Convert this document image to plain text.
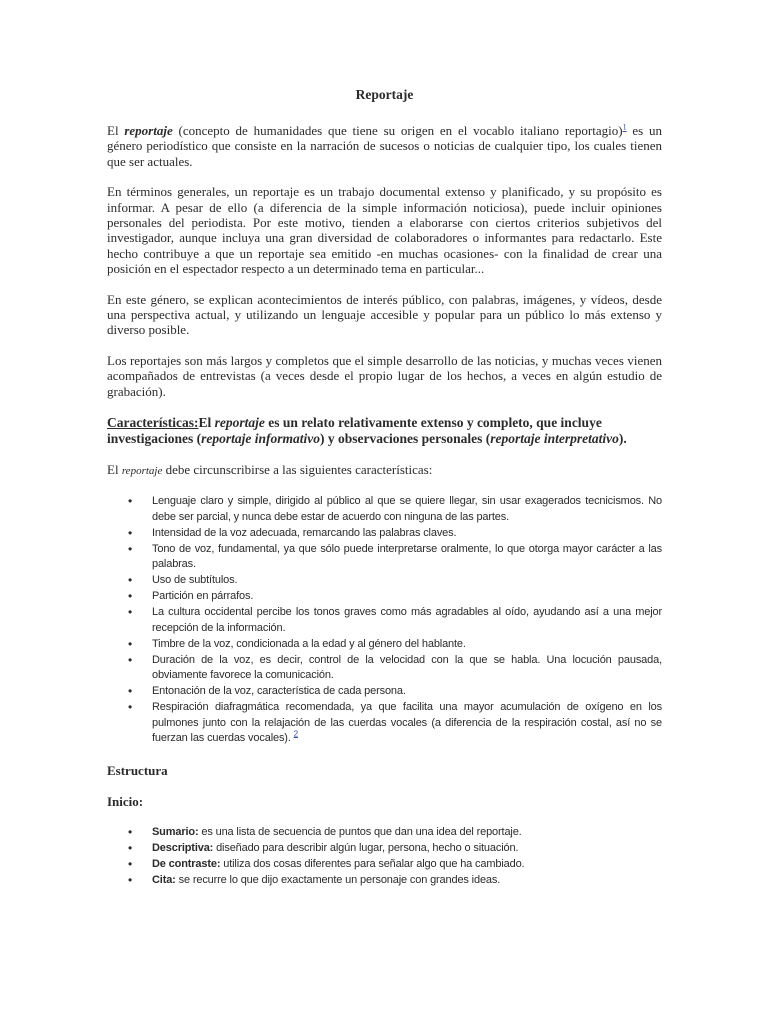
Reportaje

El reportaje (concepto de humanidades que tiene su origen en el vocablo italiano reportagio)$^1$ es un género periodístico que consiste en la narración de sucesos o noticias de cualquier tipo, los cuales tienen que ser actuales.

En términos generales, un reportaje es un trabajo documental extenso y planificado, y su propósito es informar. A pesar de ello (a diferencia de la simple información noticiosa), puede incluir opiniones personales del periodista. Por este motivo, tienden a elaborarse con ciertos criterios subjetivos del investigador, aunque incluya una gran diversidad de colaboradores o informantes para redactarlo. Este hecho contribuye a que un reportaje sea emitido -en muchas ocasiones- con la finalidad de crear una posición en el espectador respecto a un determinado tema en particular...

En este género, se explican acontecimientos de interés público, con palabras, imágenes, y vídeos, desde una perspectiva actual, y utilizando un lenguaje accesible y popular para un público lo más extenso y diverso posible.

Los reportajes son más largos y completos que el simple desarrollo de las noticias, y muchas veces vienen acompañados de entrevistas (a veces desde el propio lugar de los hechos, a veces en algún estudio de grabación).

Características:El reportaje es un relato relativamente extenso y completo, que incluye investigaciones (reportaje informativo) y observaciones personales (reportaje interpretativo).

El reportaje debe circunscribirse a las siguientes características:

• Lenguaje claro y simple, dirigido al público al que se quiere llegar, sin usar exagerados tecnicismos. No debe ser parcial, y nunca debe estar de acuerdo con ninguna de las partes.
• Intensidad de la voz adecuada, remarcando las palabras claves.
• Tono de voz, fundamental, ya que sólo puede interpretarse oralmente, lo que otorga mayor carácter a las palabras.
• Uso de subtítulos.
• Partición en párrafos.
• La cultura occidental percibe los tonos graves como más agradables al oído, ayudando así a una mejor recepción de la información.
• Timbre de la voz, condicionada a la edad y al género del hablante.
• Duración de la voz, es decir, control de la velocidad con la que se habla. Una locución pausada, obviamente favorece la comunicación.
• Entonación de la voz, característica de cada persona.
• Respiración diafragmática recomendada, ya que facilita una mayor acumulación de oxígeno en los pulmones junto con la relajación de las cuerdas vocales (a diferencia de la respiración costal, así no se fuerzan las cuerdas vocales). $^2$
Estructura
Inicio:
• Sumario: es una lista de secuencia de puntos que dan una idea del reportaje.
• Descriptiva: diseñado para describir algún lugar, persona, hecho o situación.
• De contraste: utiliza dos cosas diferentes para señalar algo que ha cambiado.
• Cita: se recurre lo que dijo exactamente un personaje con grandes ideas.
